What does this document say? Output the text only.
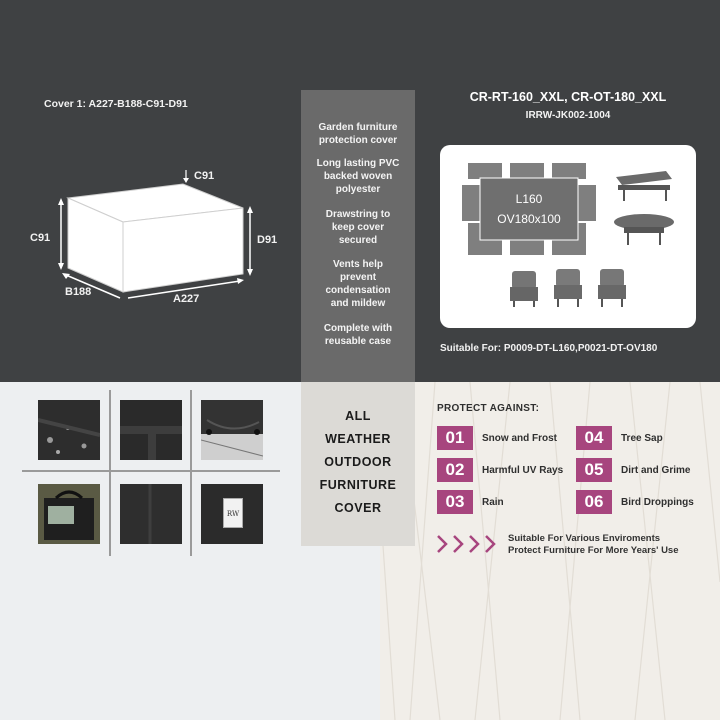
Cover 1: A227-B188-C91-D91
C91
C91	D91
B188
A227
Garden furniture protection cover
Long lasting PVC backed woven polyester
Drawstring to keep cover secured
Vents help prevent condensation and mildew
Complete with reusable case
CR-RT-160_XXL, CR-OT-180_XXL
IRRW-JK002-1004
L160
OV180x100
Suitable For: P0009-DT-L160,P0021-DT-OV180
RW
ALL
WEATHER
OUTDOOR
FURNITURE
COVER
PROTECT AGAINST:
01	Snow and Frost
02	Harmful UV Rays
03	Rain
04	Tree Sap
05	Dirt and Grime
06	Bird Droppings
Suitable For Various Enviroments
Protect Furniture For More Years' Use
